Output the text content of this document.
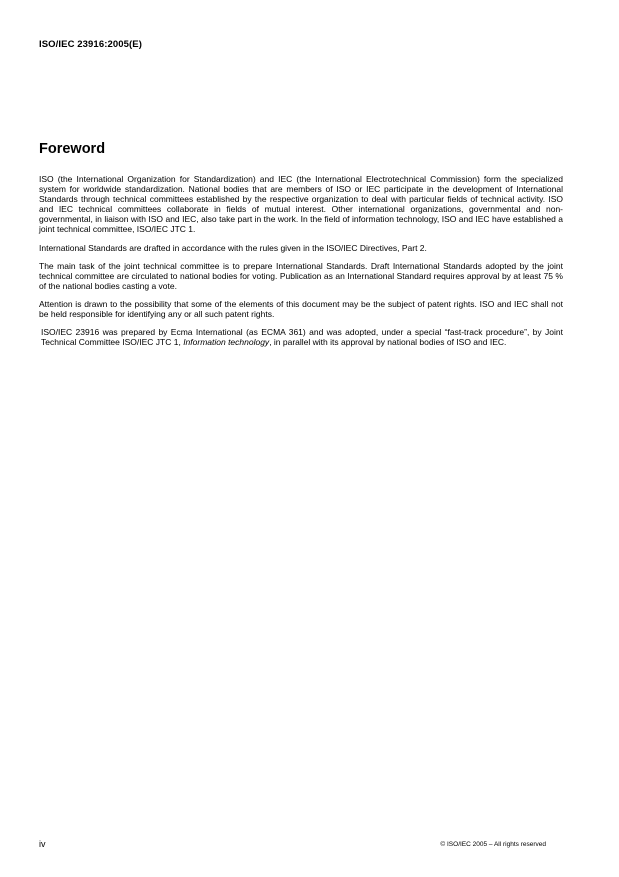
ISO/IEC 23916:2005(E)
Foreword

ISO (the International Organization for Standardization) and IEC (the International Electrotechnical Commission) form the specialized system for worldwide standardization. National bodies that are members of ISO or IEC participate in the development of International Standards through technical committees established by the respective organization to deal with particular fields of technical activity. ISO and IEC technical committees collaborate in fields of mutual interest. Other international organizations, governmental and non-governmental, in liaison with ISO and IEC, also take part in the work. In the field of information technology, ISO and IEC have established a joint technical committee, ISO/IEC JTC 1.

International Standards are drafted in accordance with the rules given in the ISO/IEC Directives, Part 2.

The main task of the joint technical committee is to prepare International Standards. Draft International Standards adopted by the joint technical committee are circulated to national bodies for voting. Publication as an International Standard requires approval by at least 75 % of the national bodies casting a vote.

Attention is drawn to the possibility that some of the elements of this document may be the subject of patent rights. ISO and IEC shall not be held responsible for identifying any or all such patent rights.

ISO/IEC 23916 was prepared by Ecma International (as ECMA 361) and was adopted, under a special “fast-track procedure”, by Joint Technical Committee ISO/IEC JTC 1, Information technology, in parallel with its approval by national bodies of ISO and IEC.

iv	© ISO/IEC 2005 – All rights reserved
